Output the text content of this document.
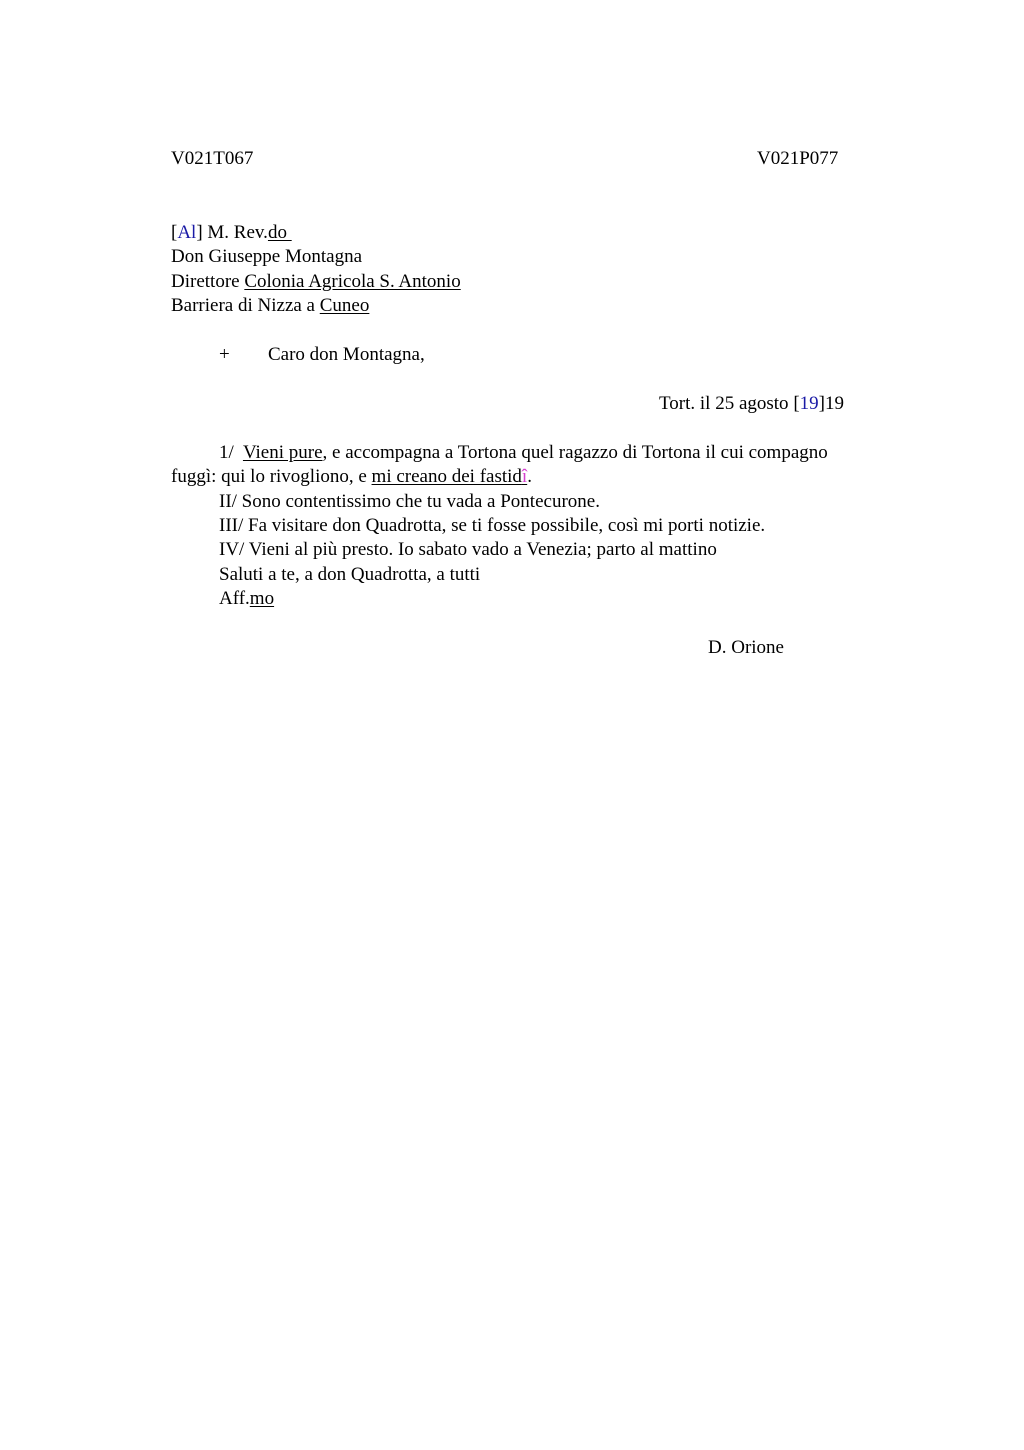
V021T067	V021P077
[Al] M. Rev.do
Don Giuseppe Montagna
Direttore Colonia Agricola S. Antonio
Barriera di Nizza a Cuneo
+ Caro don Montagna,
Tort. il 25 agosto [19]19
1/  Vieni pure, e accompagna a Tortona quel ragazzo di Tortona il cui compagno
fuggì: qui lo rivogliono, e mi creano dei fastidî.
II/ Sono contentissimo che tu vada a Pontecurone.
III/ Fa visitare don Quadrotta, se ti fosse possibile, così mi porti notizie.
IV/ Vieni al più presto. Io sabato vado a Venezia; parto al mattino
Saluti a te, a don Quadrotta, a tutti
Aff.mo
D. Orione
